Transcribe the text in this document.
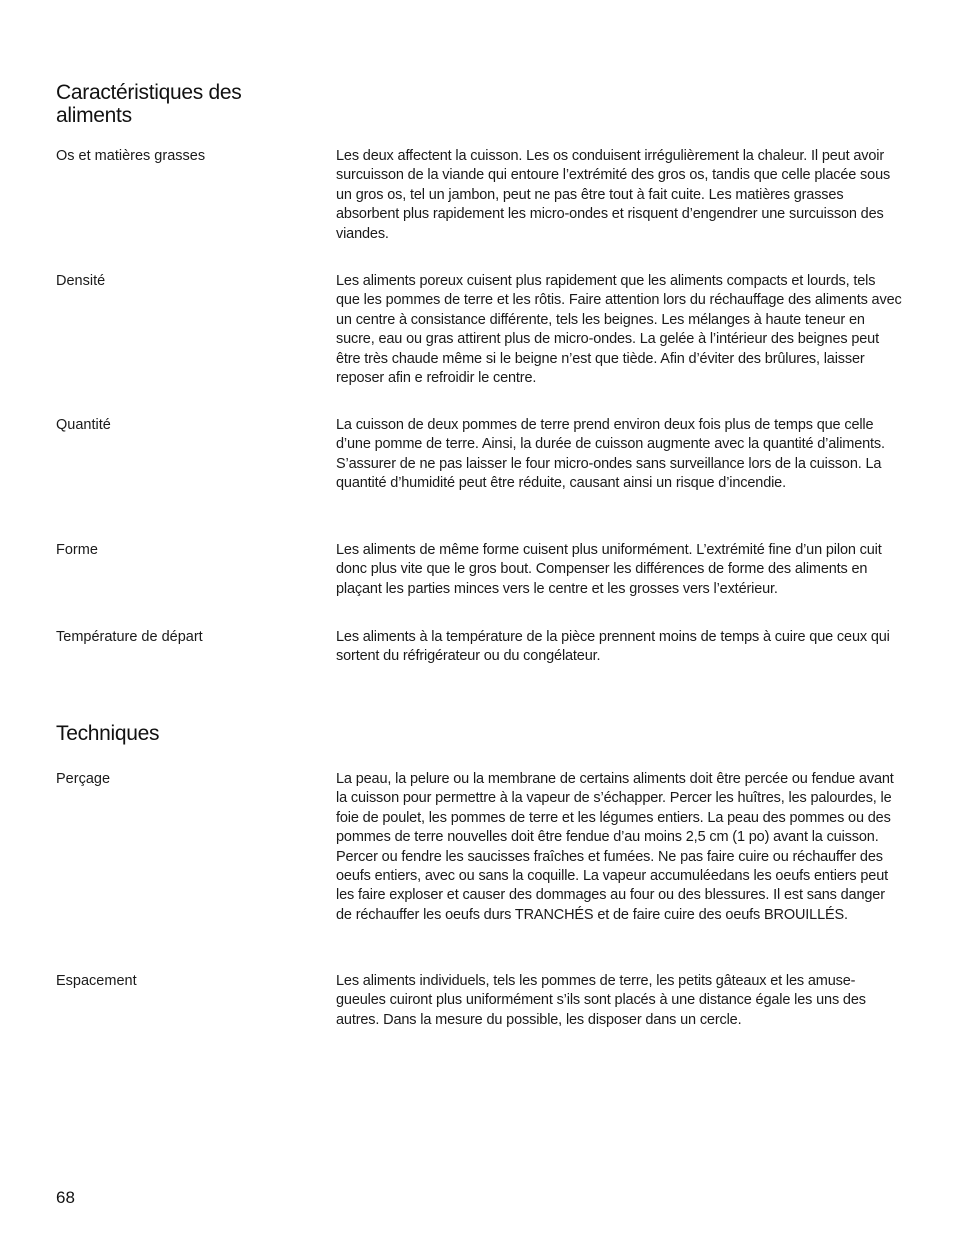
Caractéristiques des aliments
Os et matières grasses	Les deux affectent la cuisson. Les os conduisent irrégulièrement la chaleur. Il peut avoir surcuisson de la viande qui entoure l’extrémité des gros os, tandis que celle placée sous un gros os, tel un jambon, peut ne pas être tout à fait cuite. Les matières grasses absorbent plus rapidement les micro-ondes et risquent d’engendrer une surcuisson des viandes.
Densité	Les aliments poreux cuisent plus rapidement que les aliments compacts et lourds, tels que les pommes de terre et les rôtis. Faire attention lors du réchauffage des aliments avec un centre à consistance différente, tels les beignes. Les mélanges à haute teneur en sucre, eau ou gras attirent plus de micro-ondes. La gelée à l’intérieur des beignes peut être très chaude même si le beigne n’est que tiède. Afin d’éviter des brûlures, laisser reposer afin e refroidir le centre.
Quantité	La cuisson de deux pommes de terre prend environ deux fois plus de temps que celle d’une pomme de terre. Ainsi, la durée de cuisson augmente avec la quantité d’aliments. S’assurer de ne pas laisser le four micro-ondes sans surveillance lors de la cuisson. La quantité d’humidité peut être réduite, causant ainsi un risque d’incendie.
Forme	Les aliments de même forme cuisent plus uniformément. L’extrémité fine d’un pilon cuit donc plus vite que le gros bout. Compenser les différences de forme des aliments en plaçant les parties minces vers le centre et les grosses vers l’extérieur.
Température de départ	Les aliments à la température de la pièce prennent moins de temps à cuire que ceux qui sortent du réfrigérateur ou du congélateur.
Techniques
Perçage	La peau, la pelure ou la membrane de certains aliments doit être percée ou fendue avant la cuisson pour permettre à la vapeur de s’échapper. Percer les huîtres, les palourdes, le foie de poulet, les pommes de terre et les légumes entiers. La peau des pommes ou des pommes de terre nouvelles doit être fendue d’au moins 2,5 cm (1 po) avant la cuisson. Percer ou fendre les saucisses fraîches et fumées. Ne pas faire cuire ou réchauffer des oeufs entiers, avec ou sans la coquille. La vapeur accumuléedans les oeufs entiers peut les faire exploser et causer des dommages au four ou des blessures. Il est sans danger de réchauffer les oeufs durs TRANCHÉS et de faire cuire des oeufs BROUILLÉS.
Espacement	Les aliments individuels, tels les pommes de terre, les petits gâteaux et les amuse-gueules cuiront plus uniformément s’ils sont placés à une distance égale les uns des autres. Dans la mesure du possible, les disposer dans un cercle.
68
